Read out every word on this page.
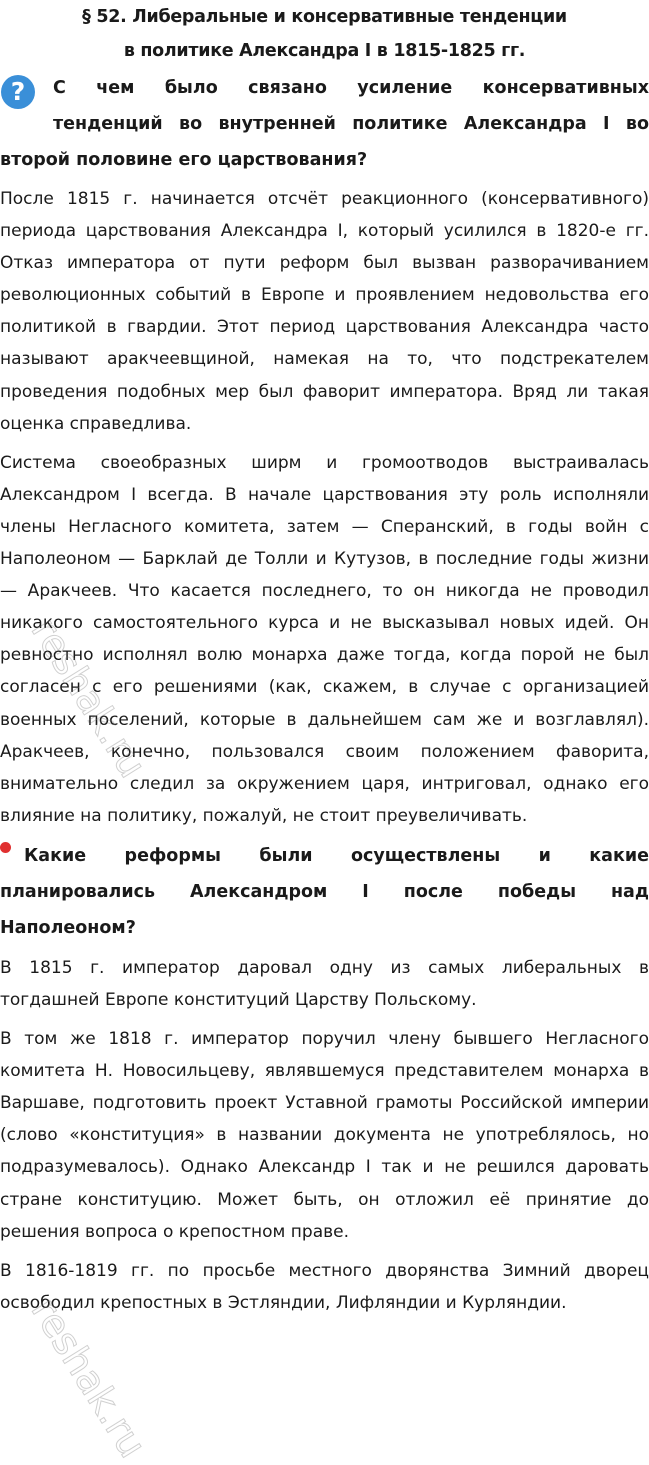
§ 52. Либеральные и консервативные тенденции
в политике Александра I в 1815-1825 гг.
?	С чем было связано усиление консервативных
тенденций во внутренней политике Александра I во
второй половине его царствования?
После 1815 г. начинается отсчёт реакционного (консервативного)
периода царствования Александра I, который усилился в 1820-е гг.
Отказ императора от пути реформ был вызван разворачиванием
революционных событий в Европе и проявлением недовольства его
политикой в гвардии. Этот период царствования Александра часто
называют аракчеевщиной, намекая на то, что подстрекателем
проведения подобных мер был фаворит императора. Вряд ли такая
оценка справедлива.
Система своеобразных ширм и громоотводов выстраивалась
Александром I всегда. В начале царствования эту роль исполняли
члены Негласного комитета, затем — Сперанский, в годы войн с
Наполеоном — Барклай де Толли и Кутузов, в последние годы жизни
— Аракчеев. Что касается последнего, то он никогда не проводил
никакого самостоятельного курса и не высказывал новых идей. Он
ревностно исполнял волю монарха даже тогда, когда порой не был
согласен с его решениями (как, скажем, в случае с организацией
военных поселений, которые в дальнейшем сам же и возглавлял).
Аракчеев, конечно, пользовался своим положением фаворита,
внимательно следил за окружением царя, интриговал, однако его
влияние на политику, пожалуй, не стоит преувеличивать.
Какие реформы были осуществлены и какие
планировались Александром I после победы над
Наполеоном?
В 1815 г. император даровал одну из самых либеральных в
тогдашней Европе конституций Царству Польскому.
В том же 1818 г. император поручил члену бывшего Негласного
комитета Н. Новосильцеву, являвшемуся представителем монарха в
Варшаве, подготовить проект Уставной грамоты Российской империи
(слово «конституция» в названии документа не употреблялось, но
подразумевалось). Однако Александр I так и не решился даровать
стране конституцию. Может быть, он отложил её принятие до
решения вопроса о крепостном праве.
В 1816-1819 гг. по просьбе местного дворянства Зимний дворец
освободил крепостных в Эстляндии, Лифляндии и Курляндии.
reshak.ru
reshak.ru
